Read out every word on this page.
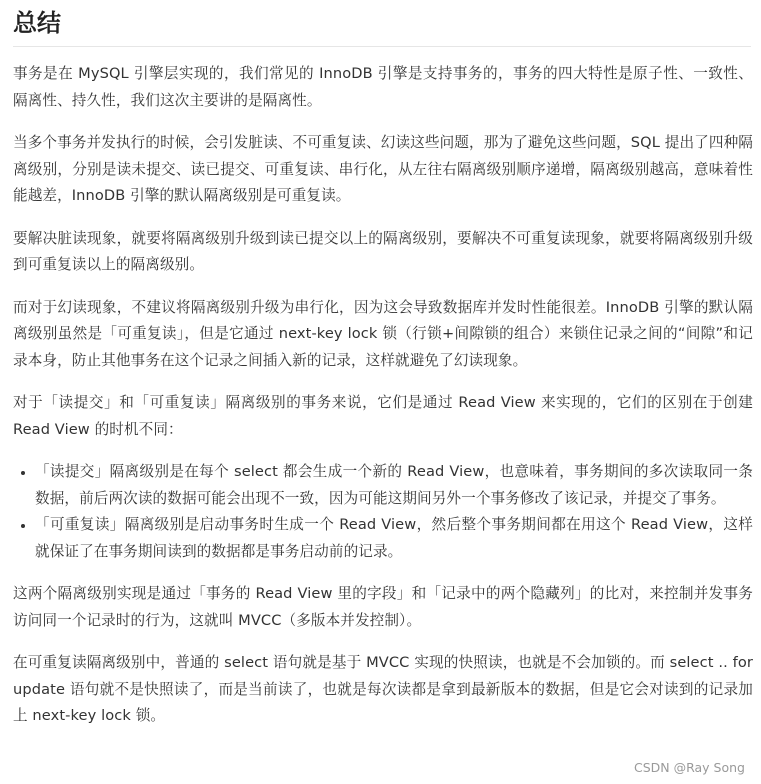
总结

事务是在 MySQL 引擎层实现的，我们常见的 InnoDB 引擎是支持事务的，事务的四大特性是原子性、一致性、隔离性、持久性，我们这次主要讲的是隔离性。

当多个事务并发执行的时候，会引发脏读、不可重复读、幻读这些问题，那为了避免这些问题，SQL 提出了四种隔离级别，分别是读未提交、读已提交、可重复读、串行化，从左往右隔离级别顺序递增，隔离级别越高，意味着性能越差，InnoDB 引擎的默认隔离级别是可重复读。

要解决脏读现象，就要将隔离级别升级到读已提交以上的隔离级别，要解决不可重复读现象，就要将隔离级别升级到可重复读以上的隔离级别。

而对于幻读现象，不建议将隔离级别升级为串行化，因为这会导致数据库并发时性能很差。InnoDB 引擎的默认隔离级别虽然是「可重复读」，但是它通过 next-key lock 锁（行锁+间隙锁的组合）来锁住记录之间的“间隙”和记录本身，防止其他事务在这个记录之间插入新的记录，这样就避免了幻读现象。

对于「读提交」和「可重复读」隔离级别的事务来说，它们是通过 Read View 来实现的，它们的区别在于创建 Read View 的时机不同：

• 「读提交」隔离级别是在每个 select 都会生成一个新的 Read View，也意味着，事务期间的多次读取同一条数据，前后两次读的数据可能会出现不一致，因为可能这期间另外一个事务修改了该记录，并提交了事务。
• 「可重复读」隔离级别是启动事务时生成一个 Read View，然后整个事务期间都在用这个 Read View，这样就保证了在事务期间读到的数据都是事务启动前的记录。

这两个隔离级别实现是通过「事务的 Read View 里的字段」和「记录中的两个隐藏列」的比对，来控制并发事务访问同一个记录时的行为，这就叫 MVCC（多版本并发控制）。

在可重复读隔离级别中，普通的 select 语句就是基于 MVCC 实现的快照读，也就是不会加锁的。而 select .. for update 语句就不是快照读了，而是当前读了，也就是每次读都是拿到最新版本的数据，但是它会对读到的记录加上 next-key lock 锁。

CSDN @Ray Song
